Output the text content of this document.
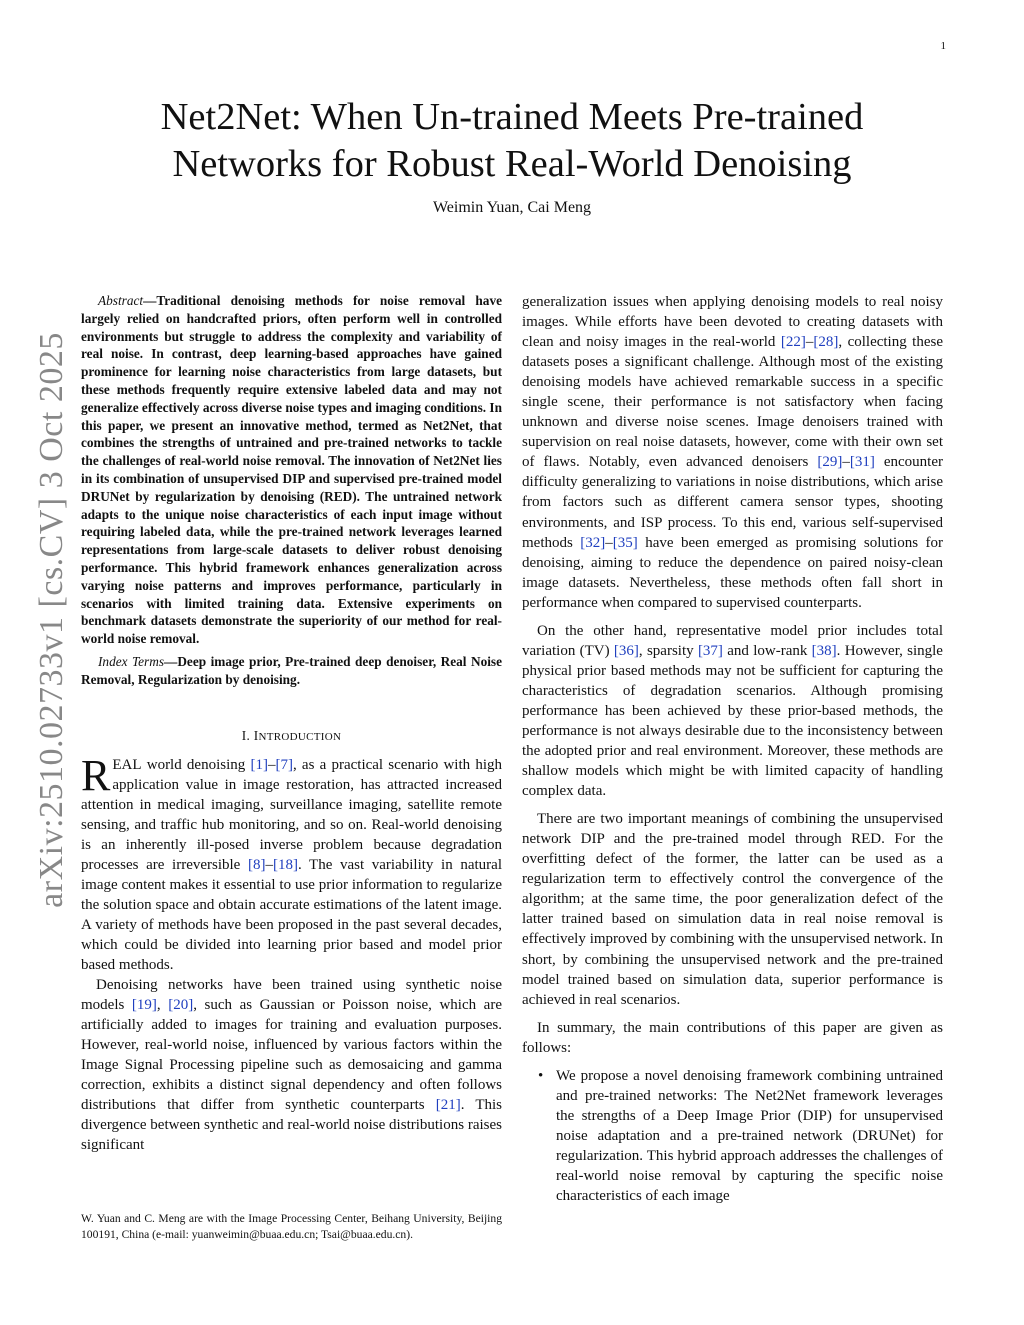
1
arXiv:2510.02733v1 [cs.CV] 3 Oct 2025
Net2Net: When Un-trained Meets Pre-trained
Networks for Robust Real-World Denoising
Weimin Yuan, Cai Meng

Abstract—Traditional denoising methods for noise removal have largely relied on handcrafted priors, often perform well in controlled environments but struggle to address the complexity and variability of real noise. In contrast, deep learning-based approaches have gained prominence for learning noise characteristics from large datasets, but these methods frequently require extensive labeled data and may not generalize effectively across diverse noise types and imaging conditions. In this paper, we present an innovative method, termed as Net2Net, that combines the strengths of untrained and pre-trained networks to tackle the challenges of real-world noise removal. The innovation of Net2Net lies in its combination of unsupervised DIP and supervised pre-trained model DRUNet by regularization by denoising (RED). The untrained network adapts to the unique noise characteristics of each input image without requiring labeled data, while the pre-trained network leverages learned representations from large-scale datasets to deliver robust denoising performance. This hybrid framework enhances generalization across varying noise patterns and improves performance, particularly in scenarios with limited training data. Extensive experiments on benchmark datasets demonstrate the superiority of our method for real-world noise removal.

Index Terms—Deep image prior, Pre-trained deep denoiser, Real Noise Removal, Regularization by denoising.

I. INTRODUCTION

REAL world denoising [1]–[7], as a practical scenario with high application value in image restoration, has attracted increased attention in medical imaging, surveillance imaging, satellite remote sensing, and traffic hub monitoring, and so on. Real-world denoising is an inherently ill-posed inverse problem because degradation processes are irreversible [8]–[18]. The vast variability in natural image content makes it essential to use prior information to regularize the solution space and obtain accurate estimations of the latent image. A variety of methods have been proposed in the past several decades, which could be divided into learning prior based and model prior based methods.

Denoising networks have been trained using synthetic noise models [19], [20], such as Gaussian or Poisson noise, which are artificially added to images for training and evaluation purposes. However, real-world noise, influenced by various factors within the Image Signal Processing pipeline such as demosaicing and gamma correction, exhibits a distinct signal dependency and often follows distributions that differ from synthetic counterparts [21]. This divergence between synthetic and real-world noise distributions raises significant

W. Yuan and C. Meng are with the Image Processing Center, Beihang University, Beijing 100191, China (e-mail: yuanweimin@buaa.edu.cn; Tsai@buaa.edu.cn).

generalization issues when applying denoising models to real noisy images. While efforts have been devoted to creating datasets with clean and noisy images in the real-world [22]–[28], collecting these datasets poses a significant challenge. Although most of the existing denoising models have achieved remarkable success in a specific single scene, their performance is not satisfactory when facing unknown and diverse noise scenes. Image denoisers trained with supervision on real noise datasets, however, come with their own set of flaws. Notably, even advanced denoisers [29]–[31] encounter difficulty generalizing to variations in noise distributions, which arise from factors such as different camera sensor types, shooting environments, and ISP process. To this end, various self-supervised methods [32]–[35] have been emerged as promising solutions for denoising, aiming to reduce the dependence on paired noisy-clean image datasets. Nevertheless, these methods often fall short in performance when compared to supervised counterparts.

On the other hand, representative model prior includes total variation (TV) [36], sparsity [37] and low-rank [38]. However, single physical prior based methods may not be sufficient for capturing the characteristics of degradation scenarios. Although promising performance has been achieved by these prior-based methods, the performance is not always desirable due to the inconsistency between the adopted prior and real environment. Moreover, these methods are shallow models which might be with limited capacity of handling complex data.

There are two important meanings of combining the unsupervised network DIP and the pre-trained model through RED. For the overfitting defect of the former, the latter can be used as a regularization term to effectively control the convergence of the algorithm; at the same time, the poor generalization defect of the latter trained based on simulation data in real noise removal is effectively improved by combining with the unsupervised network. In short, by combining the unsupervised network and the pre-trained model trained based on simulation data, superior performance is achieved in real scenarios.

In summary, the main contributions of this paper are given as follows:

• We propose a novel denoising framework combining untrained and pre-trained networks: The Net2Net framework leverages the strengths of a Deep Image Prior (DIP) for unsupervised noise adaptation and a pre-trained network (DRUNet) for regularization. This hybrid approach addresses the challenges of real-world noise removal by capturing the specific noise characteristics of each image
